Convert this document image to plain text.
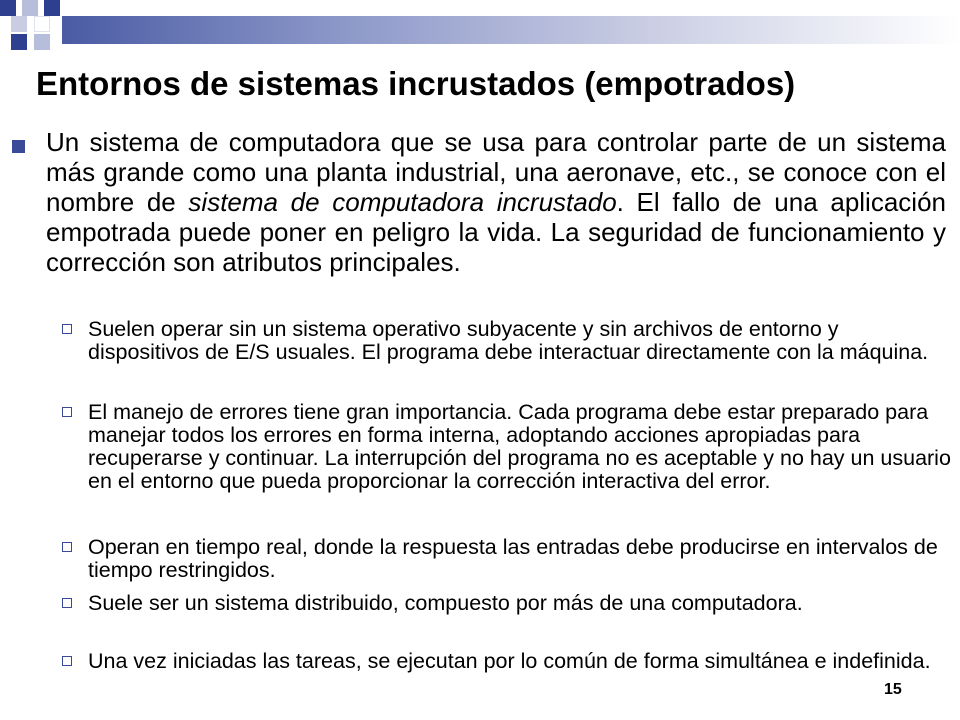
Entornos de sistemas incrustados (empotrados)
Un sistema de computadora que se usa para controlar parte de un sistema más grande como una planta industrial, una aeronave, etc., se conoce con el nombre de sistema de computadora incrustado. El fallo de una aplicación empotrada puede poner en peligro la vida. La seguridad de funcionamiento y corrección son atributos principales.
Suelen operar sin un sistema operativo subyacente y sin archivos de entorno y dispositivos de E/S usuales. El programa debe interactuar directamente con la máquina.
El manejo de errores tiene gran importancia. Cada programa debe estar preparado para manejar todos los errores en forma interna, adoptando acciones apropiadas para recuperarse y continuar. La interrupción del programa no es aceptable y no hay un usuario en el entorno que pueda proporcionar la corrección interactiva del error.
Operan en tiempo real, donde la respuesta las entradas debe producirse en intervalos de tiempo restringidos.
Suele ser un sistema distribuido, compuesto por más de una computadora.
Una vez iniciadas las tareas, se ejecutan por lo común de forma simultánea e indefinida.
15
